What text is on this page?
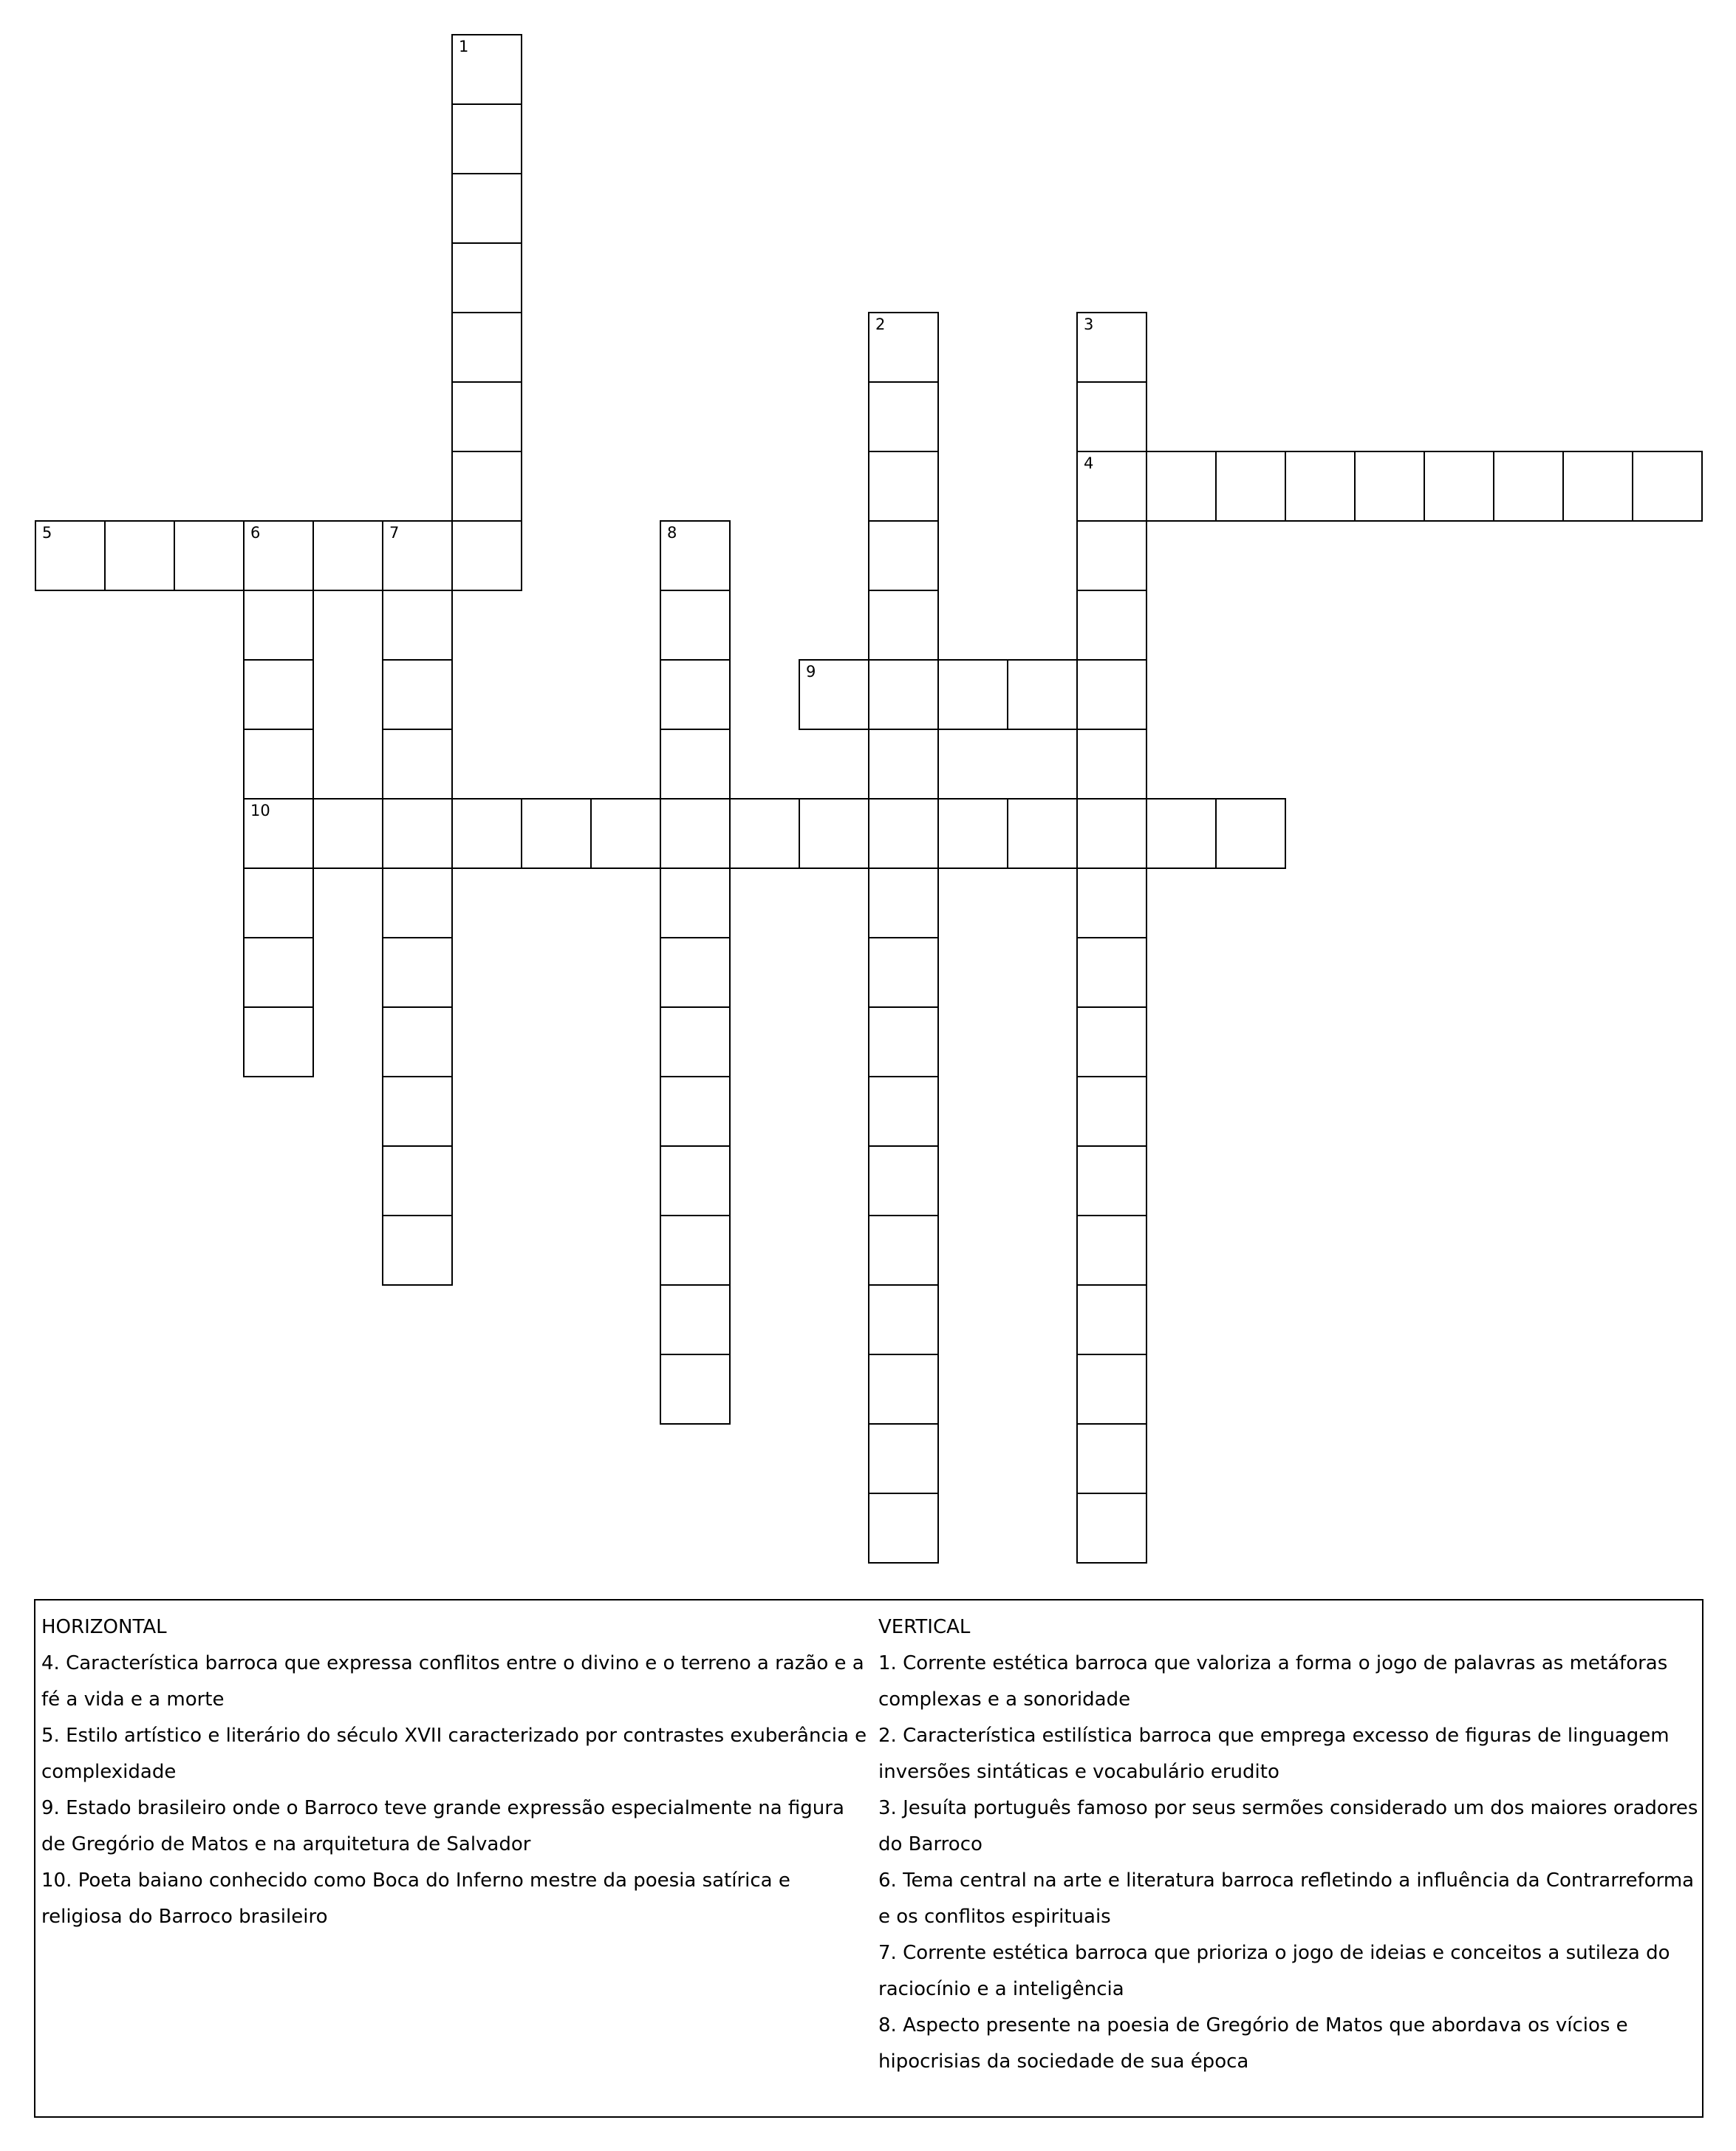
1
2	3
4
5	6	7	8
9
10

HORIZONTAL

4. Característica barroca que expressa conflitos entre o divino e o terreno a razão e a fé a vida e a morte

5. Estilo artístico e literário do século XVII caracterizado por contrastes exuberância e complexidade

9. Estado brasileiro onde o Barroco teve grande expressão especialmente na figura de Gregório de Matos e na arquitetura de Salvador

10. Poeta baiano conhecido como Boca do Inferno mestre da poesia satírica e religiosa do Barroco brasileiro

VERTICAL

1. Corrente estética barroca que valoriza a forma o jogo de palavras as metáforas complexas e a sonoridade

2. Característica estilística barroca que emprega excesso de figuras de linguagem inversões sintáticas e vocabulário erudito

3. Jesuíta português famoso por seus sermões considerado um dos maiores oradores do Barroco

6. Tema central na arte e literatura barroca refletindo a influência da Contrarreforma e os conflitos espirituais

7. Corrente estética barroca que prioriza o jogo de ideias e conceitos a sutileza do raciocínio e a inteligência

8. Aspecto presente na poesia de Gregório de Matos que abordava os vícios e hipocrisias da sociedade de sua época
